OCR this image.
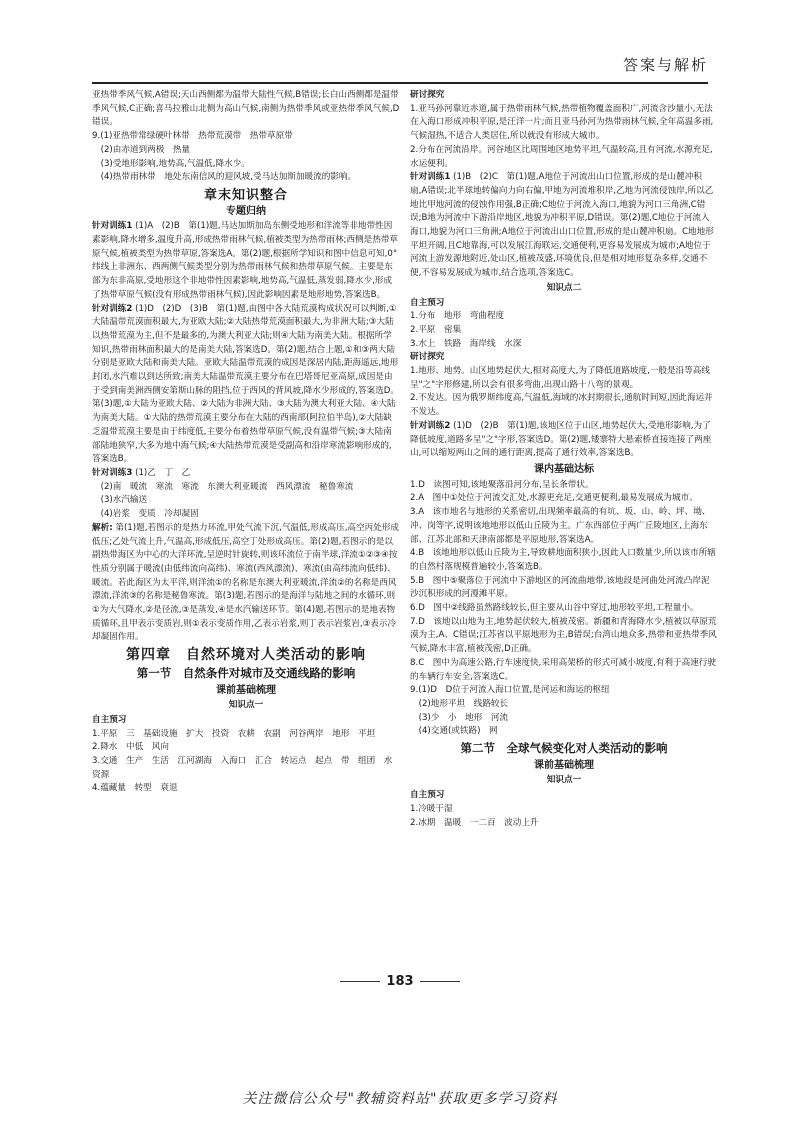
答案与解析
亚热带季风气候,A错误;天山西侧都为温带大陆性气候,B错误;长白山西侧都是温带季风气候,C正确;喜马拉雅山北侧为高山气候,南侧为热带季风或亚热带季风气候,D错误。
9.(1)亚热带常绿硬叶林带　热带荒漠带　热带草原带
　(2)由赤道到两极　热量
　(3)受地形影响,地势高,气温低,降水少。
　(4)热带雨林带　地处东南信风的迎风坡,受马达加斯加暖流的影响。
章末知识整合
专题归纳
针对训练1 (1)A　(2)B　第(1)题,马达加斯加岛东侧受地形和洋流等非地带性因素影响,降水增多,温度升高,形成热带雨林气候,植被类型为热带雨林;西侧是热带草原气候,植被类型为热带草原,答案选A。第(2)题,根据所学知识和图中信息可知,0°纬线上非洲东、西两侧气候类型分别为热带雨林气候和热带草原气候。主要是东部为东非高原,受地形这个非地带性因素影响,地势高,气温低,蒸发弱,降水少,形成了热带草原气候(没有形成热带雨林气候),因此影响因素是地形地势,答案选B。
针对训练2 (1)D　(2)D　(3)B　第(1)题,由图中各大陆荒漠构成状况可以判断,①大陆温带荒漠面积最大,为亚欧大陆;②大陆热带荒漠面积最大,为非洲大陆;③大陆以热带荒漠为主,但不是最多的,为澳大利亚大陆;则④大陆为南美大陆。根据所学知识,热带雨林面积最大的是南美大陆,答案选D。第(2)题,结合上题,①和③两大陆分别是亚欧大陆和南美大陆。亚欧大陆温带荒漠的成因是深居内陆,距海遥远,地形封闭,水汽难以到达所致;南美大陆温带荒漠主要分布在巴塔哥尼亚高原,成因是由于受到南美洲西侧安第斯山脉的阻挡,位于西风的背风坡,降水少形成的,答案选D。第(3)题,①大陆为亚欧大陆、②大陆为非洲大陆、③大陆为澳大利亚大陆、④大陆为南美大陆。①大陆的热带荒漠主要分布在大陆的西南部(阿拉伯半岛),②大陆缺乏温带荒漠主要是由于纬度低,主要分布着热带草原气候,没有温带气候;③大陆南部陆地狭窄,大多为地中海气候;④大陆热带荒漠是受副高和沿岸寒流影响形成的,答案选B。
针对训练3 (1)乙　丁　乙
　(2)南　暖流　寒流　寒流　东澳大利亚暖流　西风漂流　秘鲁寒流
　(3)水汽输送
　(4)岩浆　变质　冷却凝固
解析: 第(1)题,若图示的是热力环流,甲处气流下沉,气温低,形成高压,高空丙处形成低压;乙处气流上升,气温高,形成低压,高空丁处形成高压。第(2)题,若图示的是以副热带海区为中心的大洋环流,呈逆时针旋转,则该环流位于南半球,洋流①②③④按性质分别属于暖流(由低纬流向高纬)、寒流(西风漂流)、寒流(由高纬流向低纬)、暖流。若此海区为太平洋,则洋流①的名称是东澳大利亚暖流,洋流②的名称是西风漂流,洋流③的名称是秘鲁寒流。第(3)题,若图示的是海洋与陆地之间的水循环,则①为大气降水,②是径流,③是蒸发,④是水汽输送环节。第(4)题,若图示的是地表物质循环,且甲表示变质岩,则①表示变质作用,乙表示岩浆,则丁表示岩浆岩,③表示冷却凝固作用。
第四章　自然环境对人类活动的影响
第一节　自然条件对城市及交通线路的影响
课前基础梳理
知识点一
自主预习
1.平原　三　基础设施　扩大　投资　农耕　农副　河谷两岸　地形　平坦
2.降水　中低　风向
3.交通　生产　生活　江河湖海　入海口　汇合　转运点　起点　带　组团　水资源
4.蕴藏量　转型　衰退
研讨探究
1.亚马孙河靠近赤道,属于热带雨林气候,热带植物覆盖面积广,河流含沙量小,无法在入海口形成冲积平原,是汪洋一片;而且亚马孙河为热带雨林气候,全年高温多雨,气候湿热,不适合人类居住,所以就没有形成大城市。
2.分布在河流沿岸。河谷地区比周围地区地势平坦,气温较高,且有河流,水源充足,水运便利。
针对训练1 (1)B　(2)C　第(1)题,A地位于河流出山口位置,形成的是山麓冲积扇,A错误;北半球地转偏向力向右偏,甲地为河流堆积岸,乙地为河流侵蚀岸,所以乙地比甲地河流的侵蚀作用强,B正确;C地位于河流入海口,地貌为河口三角洲,C错误;B地为河流中下游沿岸地区,地貌为冲积平原,D错误。第(2)题,C地位于河流入海口,地貌为河口三角洲;A地位于河流出山口位置,形成的是山麓冲积扇。C地地形平坦开阔,且C地靠海,可以发展江海联运,交通便利,更容易发展成为城市;A地位于河流上游发源地附近,处山区,植被茂盛,环境优良,但是相对地形复杂多样,交通不便,不容易发展成为城市,结合选项,答案选C。
知识点二
自主预习
1.分布　地形　弯曲程度
2.平原　密集
3.水上　铁路　海岸线　水深
研讨探究
1.地形、地势。山区地势起伏大,相对高度大,为了降低道路坡度,一般是沿等高线呈"之"字形修建,所以会有很多弯曲,出现山路十八弯的景观。
2.不发达。因为俄罗斯纬度高,气温低,海域的冰封期很长,通航时间短,因此海运并不发达。
针对训练2 (1)D　(2)B　第(1)题,该地区位于山区,地势起伏大,受地形影响,为了降低坡度,道路多呈"之"字形,答案选D。第(2)题,矮寨特大悬索桥直接连接了两座山,可以缩短两山之间的通行距离,提高了通行效率,答案选B。
课内基础达标
1.D　读图可知,该地聚落沿河分布,呈长条带状。
2.A　图中①处位于河流交汇处,水源更充足,交通更便利,最易发展成为城市。
3.A　该市地名与地形的关系密切,出现频率最高的有坑、坂、山、岭、坪、坳、冲、岗等字,说明该地地形以低山丘陵为主。广东西部位于两广丘陵地区,上海东部、江苏北部和天津南部都是平原地形,答案选A。
4.B　该地地形以低山丘陵为主,导致耕地面积狭小,因此人口数量少,所以该市所辖的自然村落规模普遍较小,答案选B。
5.B　图中⑤聚落位于河流中下游地区的河流曲地带,该地段是河曲处河流凸岸泥沙沉积形成的河漫滩平原。
6.D　图中②线路虽然路线较长,但主要从山谷中穿过,地形较平坦,工程量小。
7.D　该地以山地为主,地势起伏较大,植被茂密。新疆和青海降水少,植被以草原荒漠为主,A、C错误;江苏省以平原地形为主,B错误;台湾山地众多,热带和亚热带季风气候,降水丰富,植被茂密,D正确。
8.C　图中为高速公路,行车速度快,采用高架桥的形式可减小坡度,有利于高速行驶的车辆行车安全,答案选C。
9.(1)D　D位于河流入海口位置,是河运和海运的枢纽
　(2)地形平坦　线路较长
　(3)少　小　地形　河流
　(4)交通(或铁路)　网
第二节　全球气候变化对人类活动的影响
课前基础梳理
知识点一
自主预习
1.冷暖干湿
2.冰期　温暖　一二百　波动上升
183
关注微信公众号"教辅资料站"获取更多学习资料
